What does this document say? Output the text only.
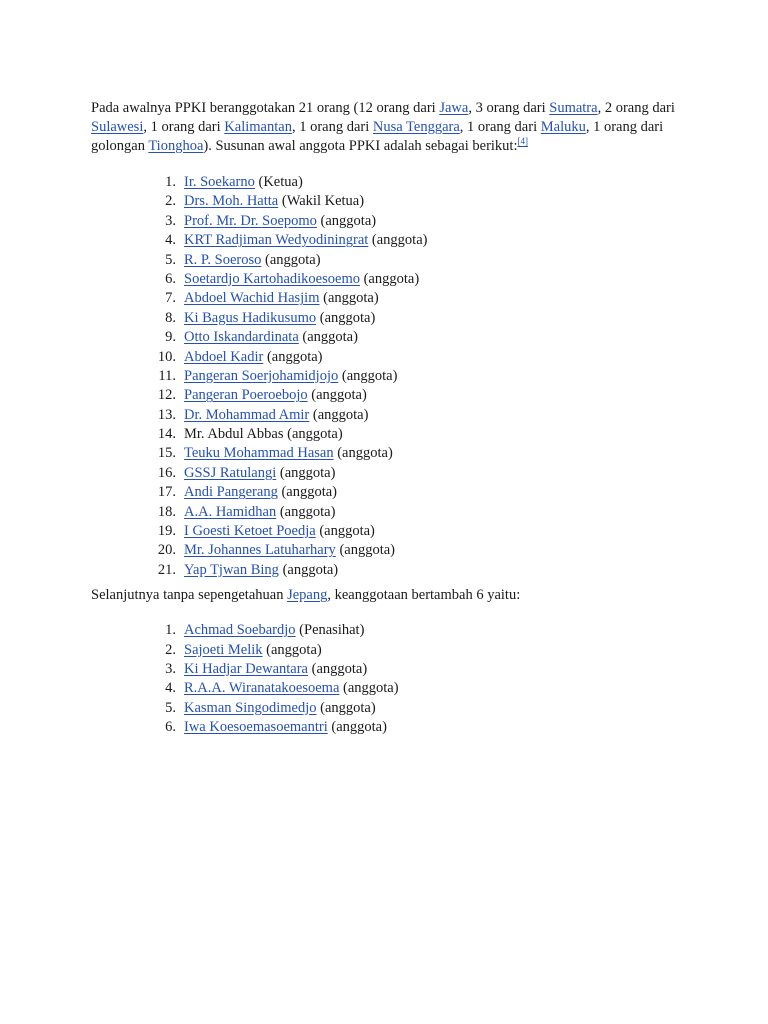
Pada awalnya PPKI beranggotakan 21 orang (12 orang dari Jawa, 3 orang dari Sumatra, 2 orang dari Sulawesi, 1 orang dari Kalimantan, 1 orang dari Nusa Tenggara, 1 orang dari Maluku, 1 orang dari golongan Tionghoa). Susunan awal anggota PPKI adalah sebagai berikut:[4]

1. Ir. Soekarno (Ketua)
2. Drs. Moh. Hatta (Wakil Ketua)
3. Prof. Mr. Dr. Soepomo (anggota)
4. KRT Radjiman Wedyodiningrat (anggota)
5. R. P. Soeroso (anggota)
6. Soetardjo Kartohadikoesoemo (anggota)
7. Abdoel Wachid Hasjim (anggota)
8. Ki Bagus Hadikusumo (anggota)
9. Otto Iskandardinata (anggota)
10. Abdoel Kadir (anggota)
11. Pangeran Soerjohamidjojo (anggota)
12. Pangeran Poeroebojo (anggota)
13. Dr. Mohammad Amir (anggota)
14. Mr. Abdul Abbas (anggota)
15. Teuku Mohammad Hasan (anggota)
16. GSSJ Ratulangi (anggota)
17. Andi Pangerang (anggota)
18. A.A. Hamidhan (anggota)
19. I Goesti Ketoet Poedja (anggota)
20. Mr. Johannes Latuharhary (anggota)
21. Yap Tjwan Bing (anggota)

Selanjutnya tanpa sepengetahuan Jepang, keanggotaan bertambah 6 yaitu:

1. Achmad Soebardjo (Penasihat)
2. Sajoeti Melik (anggota)
3. Ki Hadjar Dewantara (anggota)
4. R.A.A. Wiranatakoesoema (anggota)
5. Kasman Singodimedjo (anggota)
6. Iwa Koesoemasoemantri (anggota)
